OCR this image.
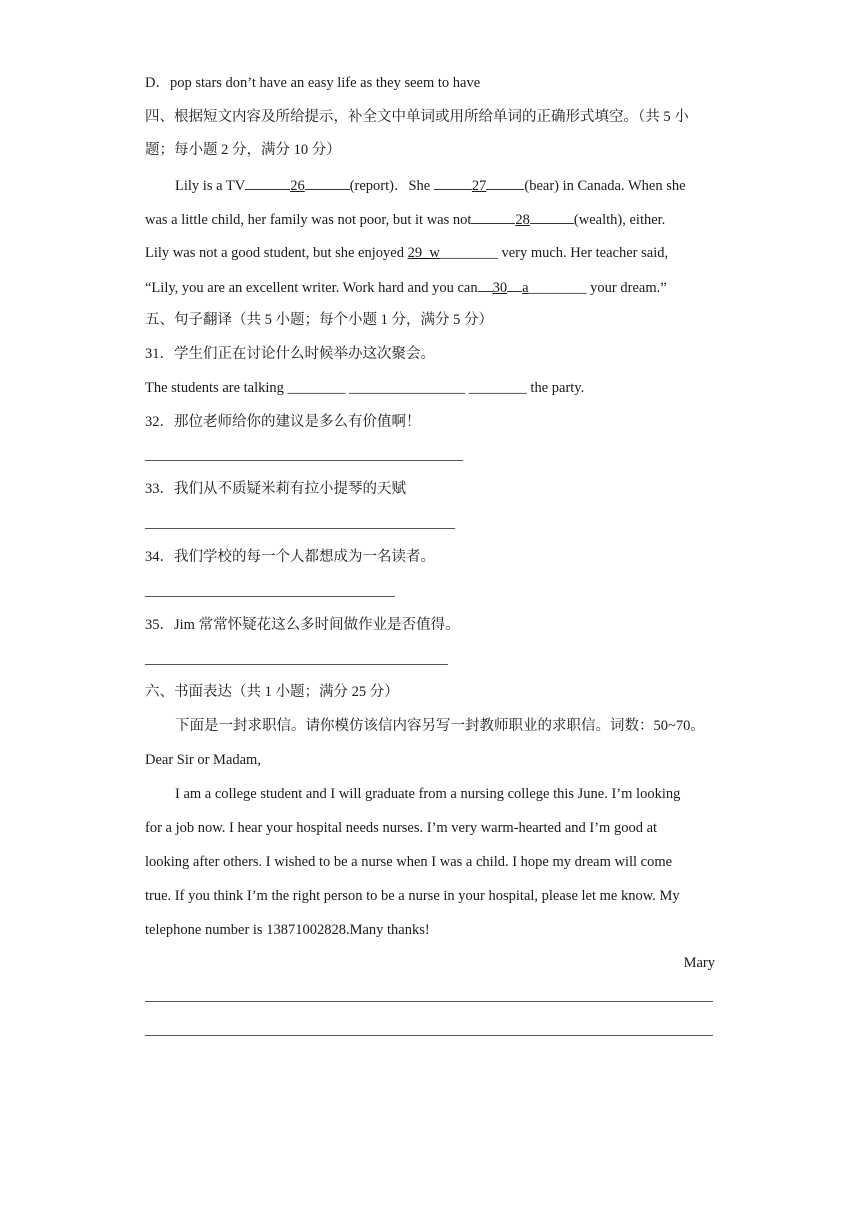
D．pop stars don’t have an easy life as they seem to have
四、根据短文内容及所给提示，补全文中单词或用所给单词的正确形式填空。（共 5 小
题；每小题 2 分，满分 10 分）
Lily is a TV	26	(report)．She	27	(bear) in Canada. When she
was a little child, her family was not poor, but it was not	28	(wealth), either.
Lily was not a good student, but she enjoyed 29_w________ very much. Her teacher said,
“Lily, you are an excellent writer. Work hard and you can 30 a________ your dream.”
五、句子翻译（共 5 小题；每个小题 1 分，满分 5 分）
31．学生们正在讨论什么时候举办这次聚会。
The students are talking ________ ________________ ________ the party.
32．那位老师给你的建议是多么有价值啊！
33．我们从不质疑米莉有拉小提琴的天赋
34．我们学校的每一个人都想成为一名读者。
35．Jim 常常怀疑花这么多时间做作业是否值得。
六、书面表达（共 1 小题；满分 25 分）
下面是一封求职信。请你模仿该信内容另写一封教师职业的求职信。词数：50~70。
Dear Sir or Madam,
I am a college student and I will graduate from a nursing college this June. I’m looking
for a job now. I hear your hospital needs nurses. I’m very warm-hearted and I’m good at
looking after others. I wished to be a nurse when I was a child. I hope my dream will come
true. If you think I’m the right person to be a nurse in your hospital, please let me know. My
telephone number is 13871002828.Many thanks!
Mary
